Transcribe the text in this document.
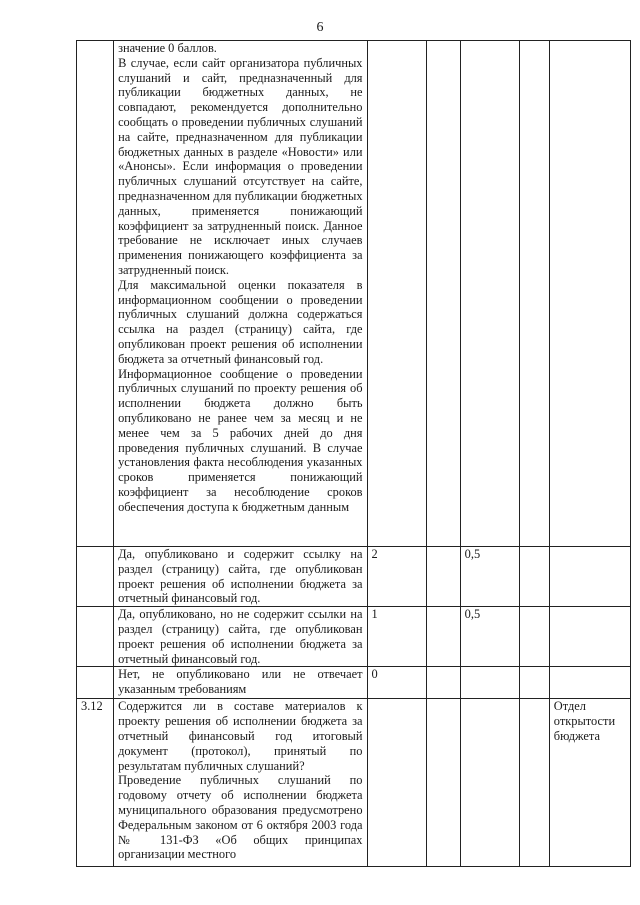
6

	значение 0 баллов.
В случае, если сайт организатора публичных слушаний и сайт, предназначенный для публикации бюджетных данных, не совпадают, рекомендуется дополнительно сообщать о проведении публичных слушаний на сайте, предназначенном для публикации бюджетных данных в разделе «Новости» или «Анонсы». Если информация о проведении публичных слушаний отсутствует на сайте, предназначенном для публикации бюджетных данных, применяется понижающий коэффициент за затрудненный поиск. Данное требование не исключает иных случаев применения понижающего коэффициента за затрудненный поиск.
Для максимальной оценки показателя в информационном сообщении о проведении публичных слушаний должна содержаться ссылка на раздел (страницу) сайта, где опубликован проект решения об исполнении бюджета за отчетный финансовый год.
Информационное сообщение о проведении публичных слушаний по проекту решения об исполнении бюджета должно быть опубликовано не ранее чем за месяц и не менее чем за 5 рабочих дней до дня проведения публичных слушаний. В случае установления факта несоблюдения указанных сроков применяется понижающий коэффициент за несоблюдение сроков обеспечения доступа к бюджетным данным					

	Да, опубликовано и содержит ссылку на раздел (страницу) сайта, где опубликован проект решения об исполнении бюджета за отчетный финансовый год.	2		0,5		

	Да, опубликовано, но не содержит ссылки на раздел (страницу) сайта, где опубликован проект решения об исполнении бюджета за отчетный финансовый год.	1		0,5		

	Нет, не опубликовано или не отвечает указанным требованиям	0				
3.12	Содержится ли в составе материалов к проекту решения об исполнении бюджета за отчетный финансовый год итоговый документ (протокол), принятый по результатам публичных слушаний?
Проведение публичных слушаний по годовому отчету об исполнении бюджета муниципального образования предусмотрено Федеральным законом от 6 октября 2003 года № 131-ФЗ «Об общих принципах организации местного					Отдел открытости бюджета
